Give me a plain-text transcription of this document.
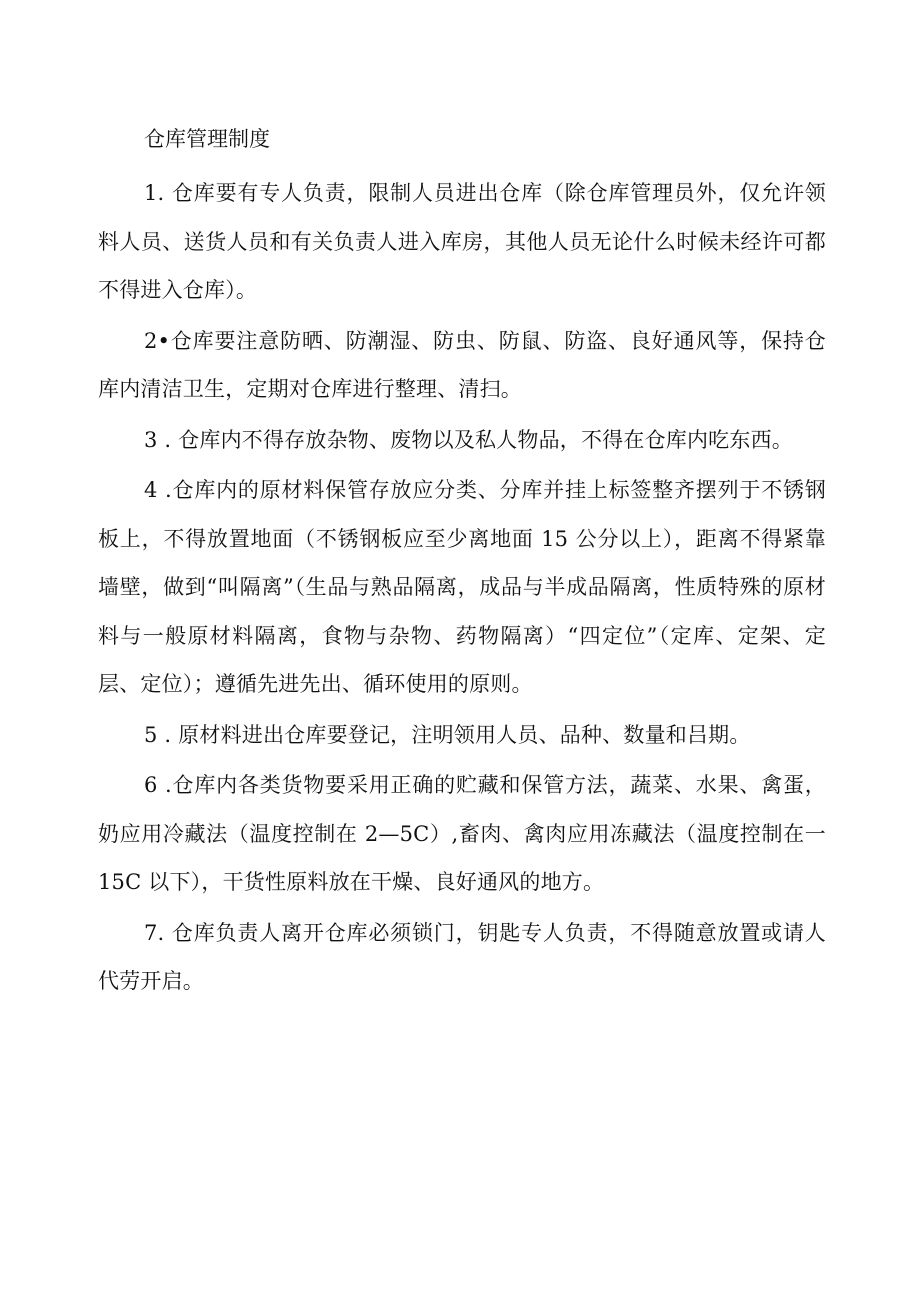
仓库管理制度

1. 仓库要有专人负责，限制人员进出仓库（除仓库管理员外，仅允许领料人员、送货人员和有关负责人进入库房，其他人员无论什么时候未经许可都不得进入仓库）。

2•仓库要注意防晒、防潮湿、防虫、防鼠、防盗、良好通风等，保持仓库内清洁卫生，定期对仓库进行整理、清扫。

3 . 仓库内不得存放杂物、废物以及私人物品，不得在仓库内吃东西。

4 .仓库内的原材料保管存放应分类、分库并挂上标签整齐摆列于不锈钢板上，不得放置地面（不锈钢板应至少离地面 15 公分以上），距离不得紧靠墙壁，做到“叫隔离”（生品与熟品隔离，成品与半成品隔离，性质特殊的原材料与一般原材料隔离，食物与杂物、药物隔离）“四定位”（定库、定架、定层、定位）；遵循先进先出、循环使用的原则。

5 . 原材料进出仓库要登记，注明领用人员、品种、数量和吕期。

6 .仓库内各类货物要采用正确的贮藏和保管方法，蔬菜、水果、禽蛋，奶应用冷藏法（温度控制在 2—5C）,畜肉、禽肉应用冻藏法（温度控制在一 15C 以下），干货性原料放在干燥、良好通风的地方。

7. 仓库负责人离开仓库必须锁门，钥匙专人负责，不得随意放置或请人代劳开启。
